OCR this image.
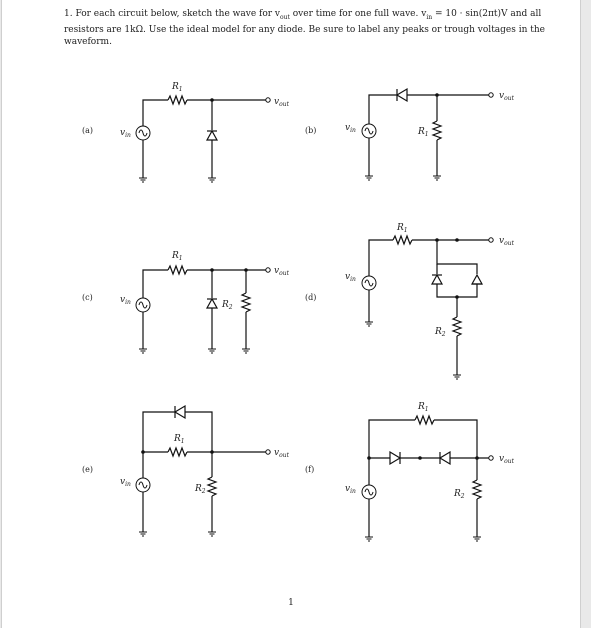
1. For each circuit below, sketch the wave for $v_{out}$ over time for one full wave. $v_{in} = 10 \cdot \sin(2\pi t)V$ and all
resistors are 1kΩ. Use the ideal model for any diode. Be sure to label any peaks or trough voltages in the
waveform.
1
(a)
$R_1$
$v_{in}$
$v_{out}$
(b)	$R_1$
$v_{in}$
$v_{out}$
(c)
$R_1$
$R_2$
$v_{in}$
$v_{out}$
(d)
$R_1$
$R_2$
$v_{in}$
$v_{out}$
(e)
$R_1$
$R_2$
$v_{in}$
$v_{out}$
(f)
$R_1$
$R_2$
$v_{in}$
$v_{out}$
